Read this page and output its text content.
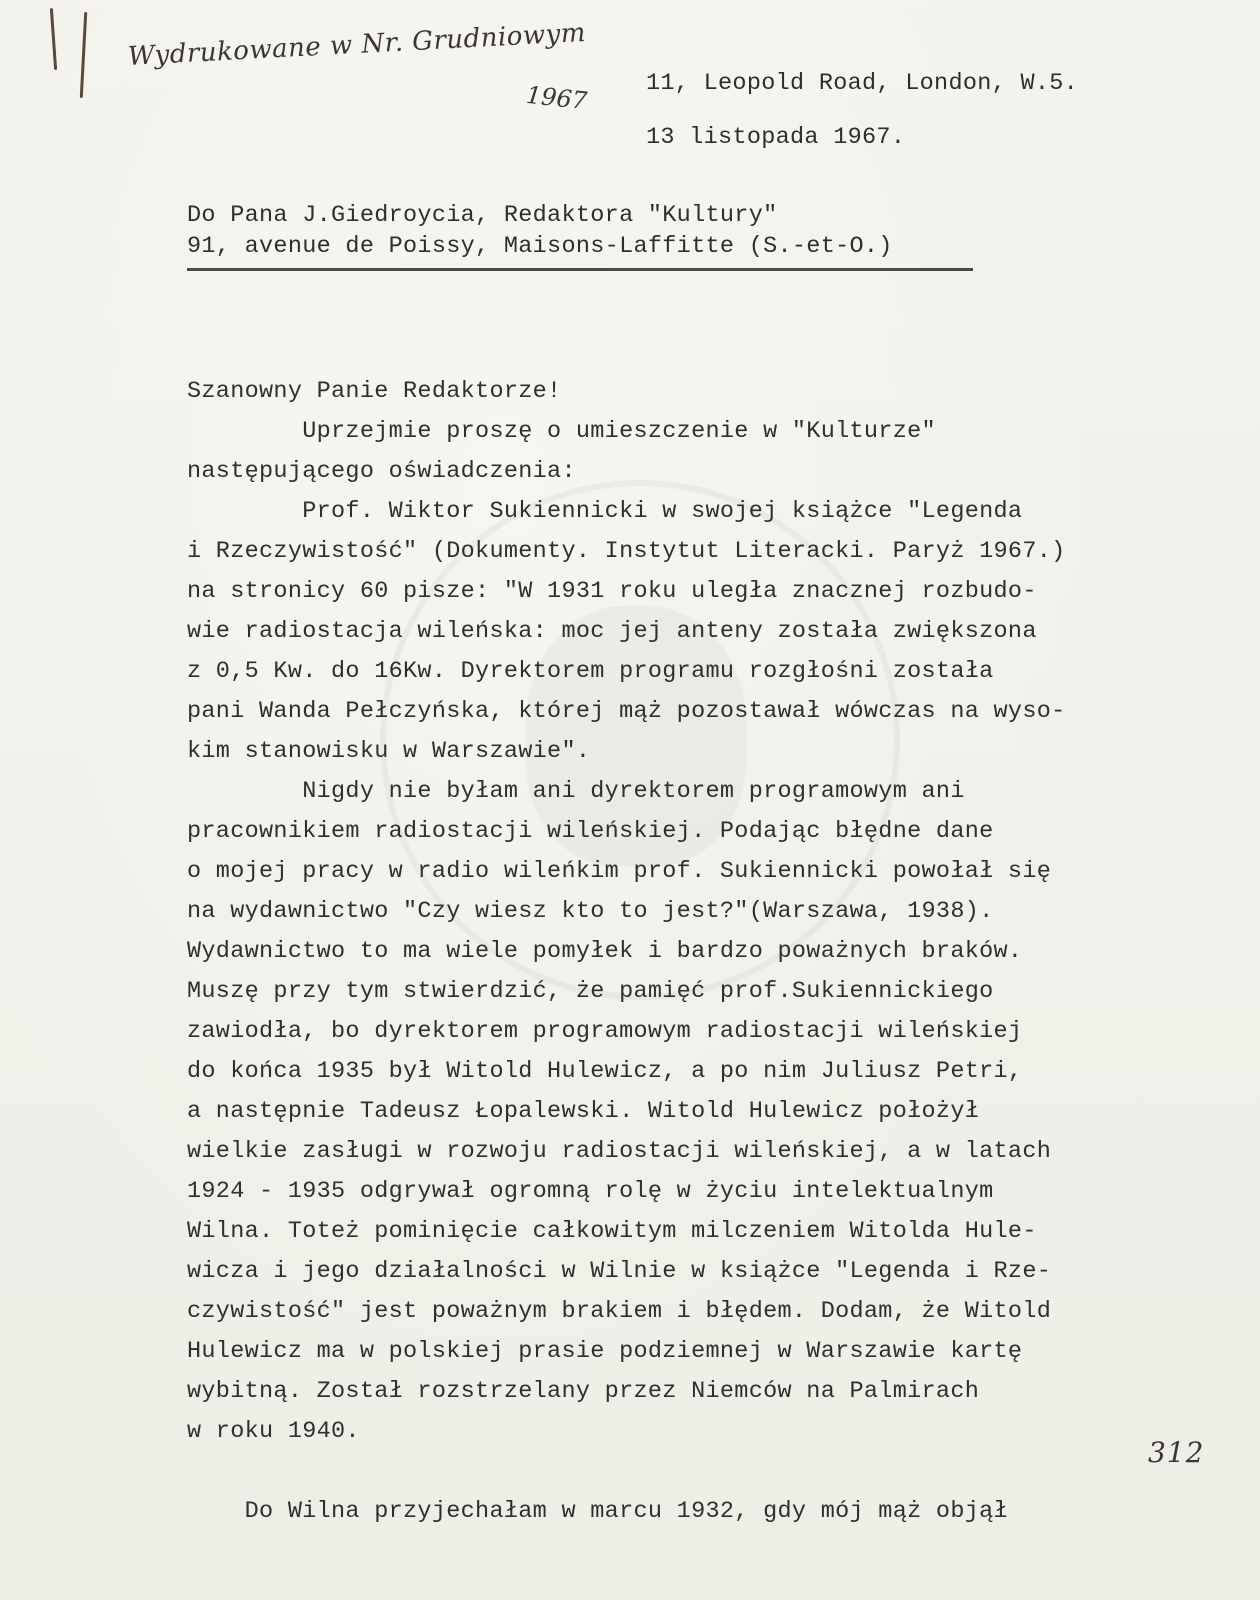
Wydrukowane w Nr. Grudniowym
1967 11, Leopold Road, London, W.5.
13 listopada 1967.
Do Pana J.Giedroycia, Redaktora "Kultury"
91, avenue de Poissy, Maisons-Laffitte (S.-et-O.)
Szanowny Panie Redaktorze!
Uprzejmie proszę o umieszczenie w "Kulturze"
następującego oświadczenia:
Prof. Wiktor Sukiennicki w swojej książce "Legenda
i Rzeczywistość" (Dokumenty. Instytut Literacki. Paryż 1967.)
na stronicy 60 pisze: "W 1931 roku uległa znacznej rozbudo-
wie radiostacja wileńska: moc jej anteny została zwiększona
z 0,5 Kw. do 16Kw. Dyrektorem programu rozgłośni została
pani Wanda Pełczyńska, której mąż pozostawał wówczas na wyso-
kim stanowisku w Warszawie".
Nigdy nie byłam ani dyrektorem programowym ani
pracownikiem radiostacji wileńskiej. Podając błędne dane
o mojej pracy w radio wileńkim prof. Sukiennicki powołał się
na wydawnictwo "Czy wiesz kto to jest?"(Warszawa, 1938).
Wydawnictwo to ma wiele pomyłek i bardzo poważnych braków.
Muszę przy tym stwierdzić, że pamięć prof.Sukiennickiego
zawiodła, bo dyrektorem programowym radiostacji wileńskiej
do końca 1935 był Witold Hulewicz, a po nim Juliusz Petri,
a następnie Tadeusz Łopalewski. Witold Hulewicz położył
wielkie zasługi w rozwoju radiostacji wileńskiej, a w latach
1924 - 1935 odgrywał ogromną rolę w życiu intelektualnym
Wilna. Toteż pominięcie całkowitym milczeniem Witolda Hule-
wicza i jego działalności w Wilnie w książce "Legenda i Rze-
czywistość" jest poważnym brakiem i błędem. Dodam, że Witold
Hulewicz ma w polskiej prasie podziemnej w Warszawie kartę
wybitną. Został rozstrzelany przez Niemców na Palmirach
w roku 1940.
Do Wilna przyjechałam w marcu 1932, gdy mój mąż objął
312
